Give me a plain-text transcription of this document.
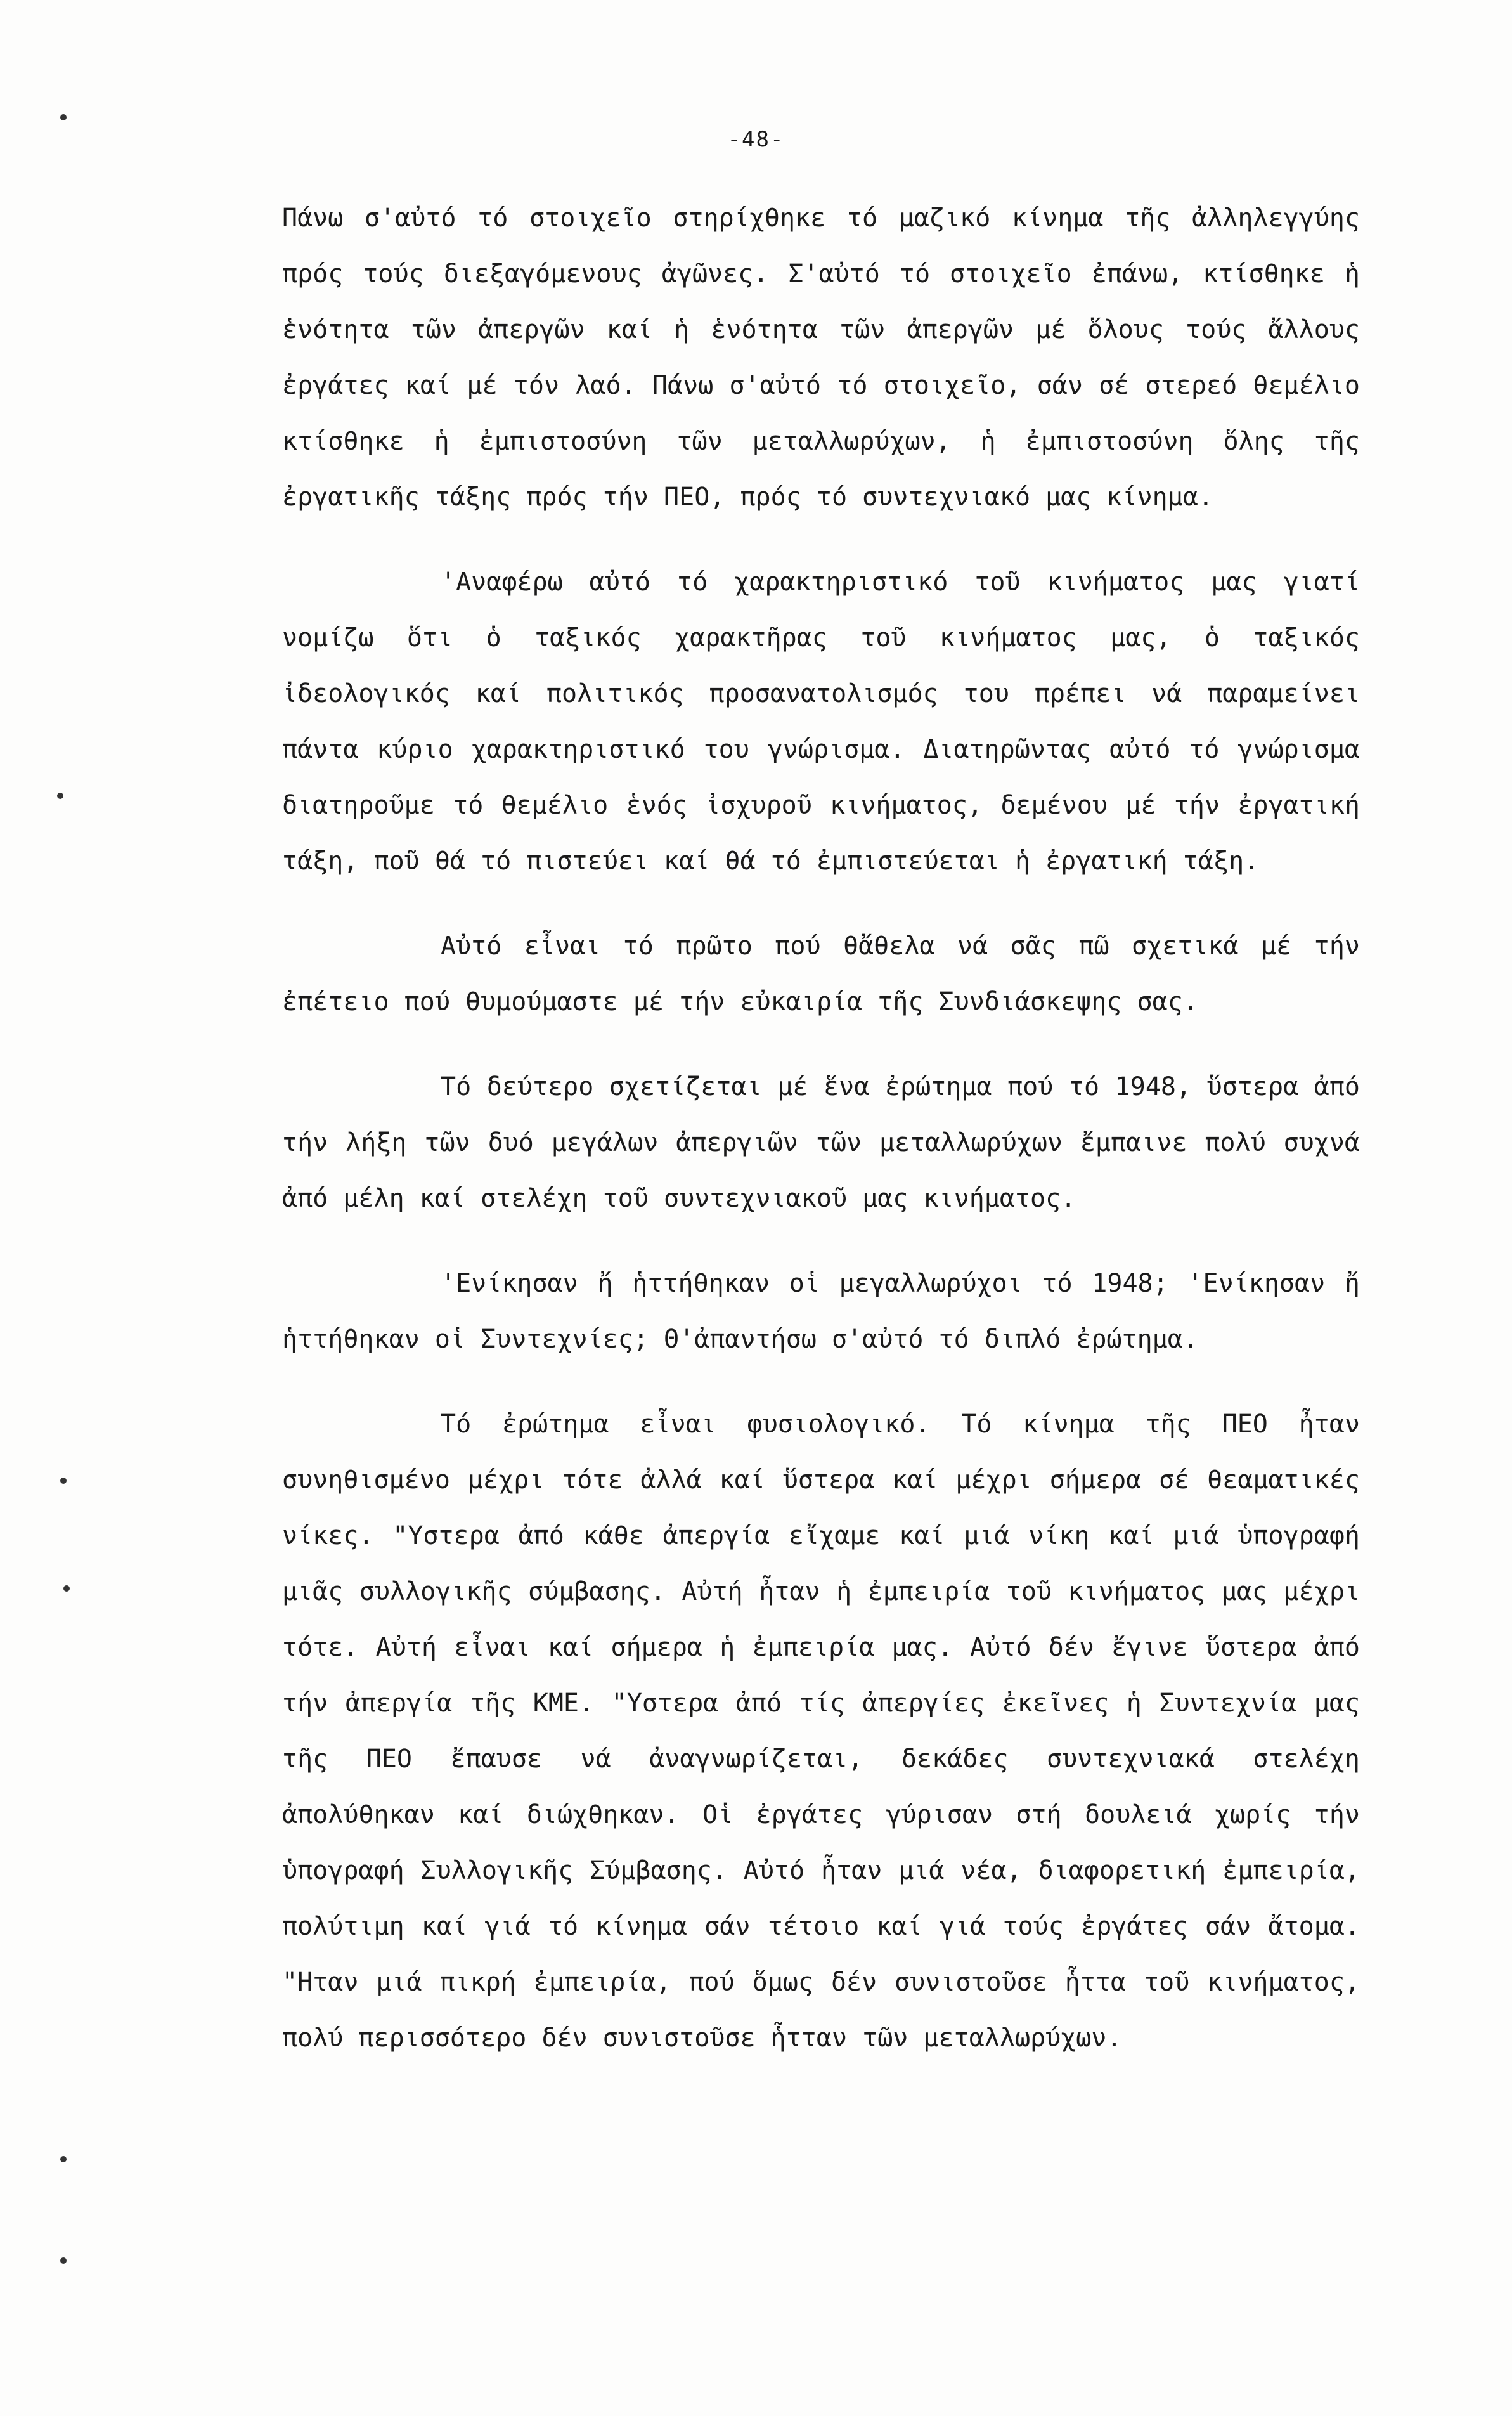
-48-

Πάνω σ'αὐτό τό στοιχεῖο στηρίχθηκε τό μαζικό κίνημα τῆς ἀλληλεγγύης πρός τούς διεξαγόμενους ἀγῶνες. Σ'αὐτό τό στοιχεῖο ἐπάνω, κτίσθηκε ἡ ἑνότητα τῶν ἀπεργῶν καί ἡ ἑνότητα τῶν ἀπεργῶν μέ ὅλους τούς ἄλλους ἐργάτες καί μέ τόν λαό. Πάνω σ'αὐτό τό στοιχεῖο, σάν σέ στερεό θεμέλιο κτίσθηκε ἡ ἐμπιστοσύνη τῶν μεταλλωρύχων, ἡ ἐμπιστοσύνη ὅλης τῆς ἐργατικῆς τάξης πρός τήν ΠΕΟ, πρός τό συντεχνιακό μας κίνημα.

'Αναφέρω αὐτό τό χαρακτηριστικό τοῦ κινήματος μας γιατί νομίζω ὅτι ὁ ταξικός χαρακτῆρας τοῦ κινήματος μας, ὁ ταξικός ἰδεολογικός καί πολιτικός προσανατολισμός του πρέπει νά παραμείνει πάντα κύριο χαρακτηριστικό του γνώρισμα. Διατηρῶντας αὐτό τό γνώρισμα διατηροῦμε τό θεμέλιο ἑνός ἰσχυροῦ κινήματος, δεμένου μέ τήν ἐργατική τάξη, ποῦ θά τό πιστεύει καί θά τό ἐμπιστεύεται ἡ ἐργατική τάξη.

Αὐτό εἶναι τό πρῶτο πού θἄθελα νά σᾶς πῶ σχετικά μέ τήν ἐπέτειο πού θυμούμαστε μέ τήν εὐκαιρία τῆς Συνδιάσκεψης σας.

Τό δεύτερο σχετίζεται μέ ἕνα ἐρώτημα πού τό 1948, ὕστερα ἀπό τήν λήξη τῶν δυό μεγάλων ἀπεργιῶν τῶν μεταλλωρύχων ἔμπαινε πολύ συχνά ἀπό μέλη καί στελέχη τοῦ συντεχνιακοῦ μας κινήματος.

'Ενίκησαν ἤ ἡττήθηκαν οἱ μεγαλλωρύχοι τό 1948; 'Ενίκησαν ἤ ἡττήθηκαν οἱ Συντεχνίες; Θ'ἀπαντήσω σ'αὐτό τό διπλό ἐρώτημα.

Τό ἐρώτημα εἶναι φυσιολογικό. Τό κίνημα τῆς ΠΕΟ ἦταν συνηθισμένο μέχρι τότε ἀλλά καί ὕστερα καί μέχρι σήμερα σέ θεαματικές νίκες. "Υστερα ἀπό κάθε ἀπεργία εἴχαμε καί μιά νίκη καί μιά ὑπογραφή μιᾶς συλλογικῆς σύμβασης. Αὐτή ἦταν ἡ ἐμπειρία τοῦ κινήματος μας μέχρι τότε. Αὐτή εἶναι καί σήμερα ἡ ἐμπειρία μας. Αὐτό δέν ἔγινε ὕστερα ἀπό τήν ἀπεργία τῆς ΚΜΕ. "Υστερα ἀπό τίς ἀπεργίες ἐκεῖνες ἡ Συντεχνία μας τῆς ΠΕΟ ἔπαυσε νά ἀναγνωρίζεται, δεκάδες συντεχνιακά στελέχη ἀπολύθηκαν καί διώχθηκαν. Οἱ ἐργάτες γύρισαν στή δουλειά χωρίς τήν ὑπογραφή Συλλογικῆς Σύμβασης. Αὐτό ἦταν μιά νέα, διαφορετική ἐμπειρία, πολύτιμη καί γιά τό κίνημα σάν τέτοιο καί γιά τούς ἐργάτες σάν ἄτομα. "Ηταν μιά πικρή ἐμπειρία, πού ὅμως δέν συνιστοῦσε ἧττα τοῦ κινήματος, πολύ περισσότερο δέν συνιστοῦσε ἧτταν τῶν μεταλλωρύχων.
